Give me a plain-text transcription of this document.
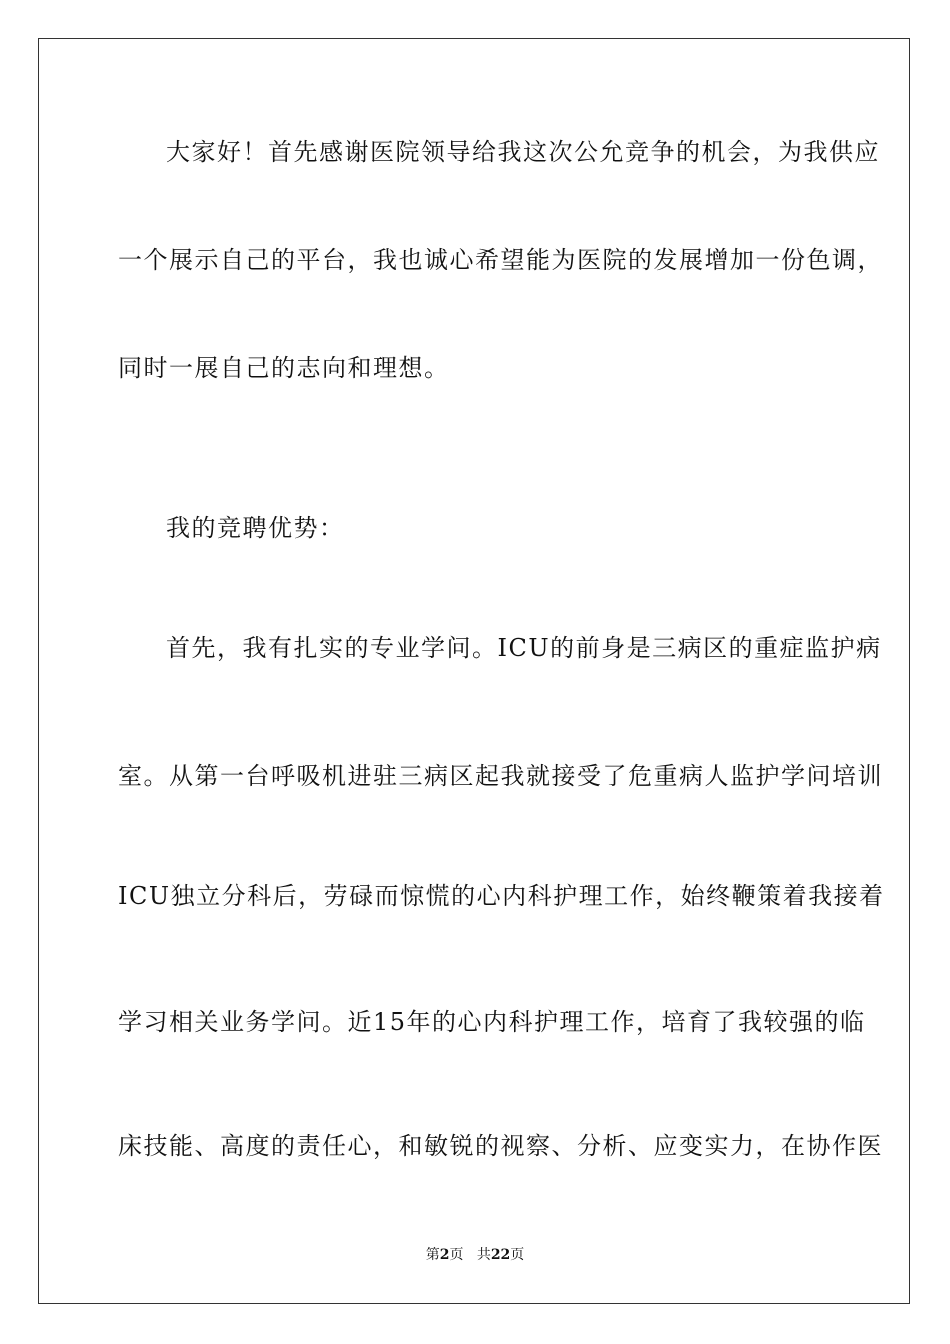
大家好！首先感谢医院领导给我这次公允竞争的机会，为我供应
一个展示自己的平台，我也诚心希望能为医院的发展增加一份色调，
同时一展自己的志向和理想。
我的竞聘优势：
首先，我有扎实的专业学问。ICU的前身是三病区的重症监护病
室。从第一台呼吸机进驻三病区起我就接受了危重病人监护学问培训
ICU独立分科后，劳碌而惊慌的心内科护理工作，始终鞭策着我接着
学习相关业务学问。近15年的心内科护理工作，培育了我较强的临
床技能、高度的责任心，和敏锐的视察、分析、应变实力，在协作医
第2页 共22页
